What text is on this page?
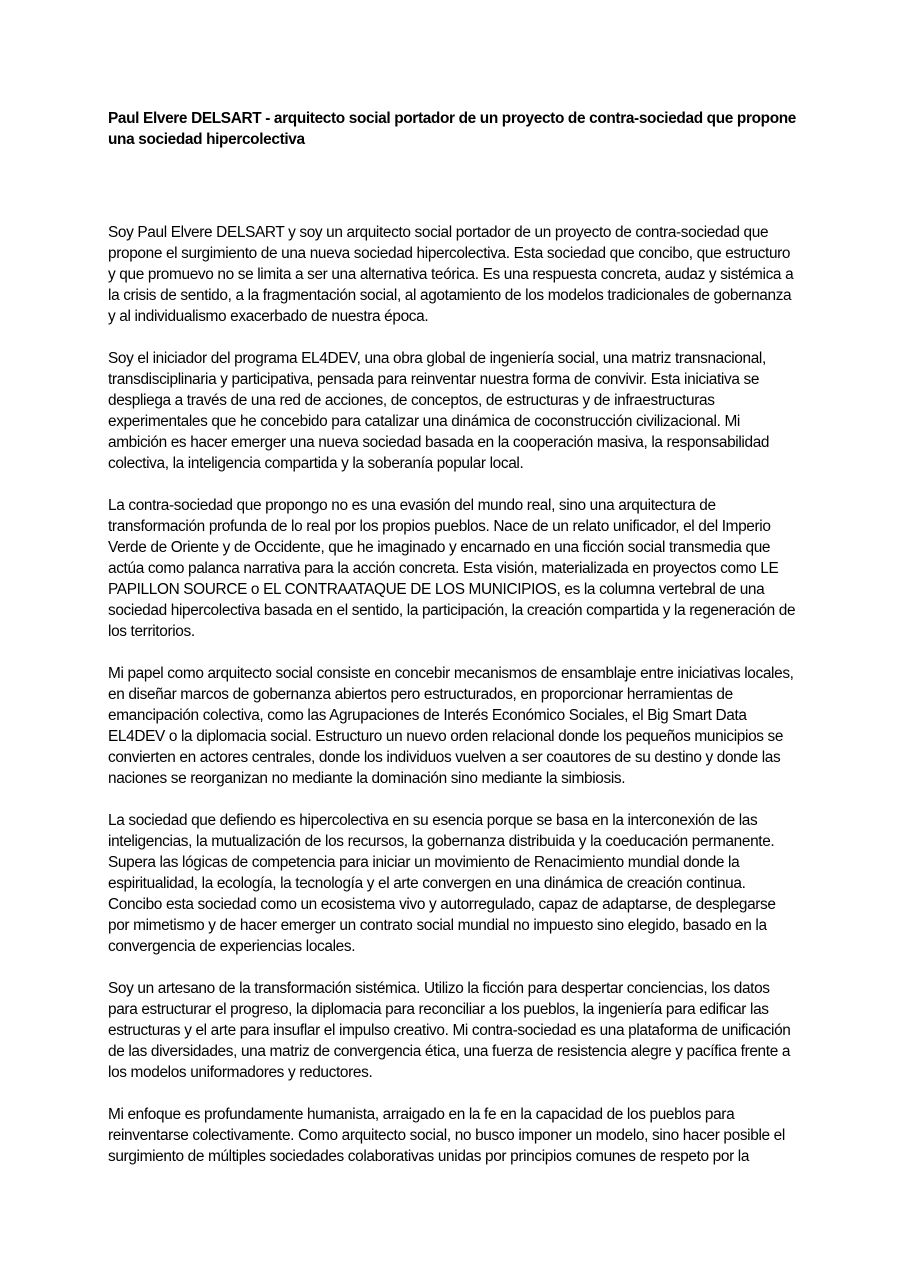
Paul Elvere DELSART - arquitecto social portador de un proyecto de contra-sociedad que propone una sociedad hipercolectiva

Soy Paul Elvere DELSART y soy un arquitecto social portador de un proyecto de contra-sociedad que propone el surgimiento de una nueva sociedad hipercolectiva. Esta sociedad que concibo, que estructuro y que promuevo no se limita a ser una alternativa teórica. Es una respuesta concreta, audaz y sistémica a la crisis de sentido, a la fragmentación social, al agotamiento de los modelos tradicionales de gobernanza y al individualismo exacerbado de nuestra época.

Soy el iniciador del programa EL4DEV, una obra global de ingeniería social, una matriz transnacional, transdisciplinaria y participativa, pensada para reinventar nuestra forma de convivir. Esta iniciativa se despliega a través de una red de acciones, de conceptos, de estructuras y de infraestructuras experimentales que he concebido para catalizar una dinámica de coconstrucción civilizacional. Mi ambición es hacer emerger una nueva sociedad basada en la cooperación masiva, la responsabilidad colectiva, la inteligencia compartida y la soberanía popular local.

La contra-sociedad que propongo no es una evasión del mundo real, sino una arquitectura de transformación profunda de lo real por los propios pueblos. Nace de un relato unificador, el del Imperio Verde de Oriente y de Occidente, que he imaginado y encarnado en una ficción social transmedia que actúa como palanca narrativa para la acción concreta. Esta visión, materializada en proyectos como LE PAPILLON SOURCE o EL CONTRAATAQUE DE LOS MUNICIPIOS, es la columna vertebral de una sociedad hipercolectiva basada en el sentido, la participación, la creación compartida y la regeneración de los territorios.

Mi papel como arquitecto social consiste en concebir mecanismos de ensamblaje entre iniciativas locales, en diseñar marcos de gobernanza abiertos pero estructurados, en proporcionar herramientas de emancipación colectiva, como las Agrupaciones de Interés Económico Sociales, el Big Smart Data EL4DEV o la diplomacia social. Estructuro un nuevo orden relacional donde los pequeños municipios se convierten en actores centrales, donde los individuos vuelven a ser coautores de su destino y donde las naciones se reorganizan no mediante la dominación sino mediante la simbiosis.

La sociedad que defiendo es hipercolectiva en su esencia porque se basa en la interconexión de las inteligencias, la mutualización de los recursos, la gobernanza distribuida y la coeducación permanente. Supera las lógicas de competencia para iniciar un movimiento de Renacimiento mundial donde la espiritualidad, la ecología, la tecnología y el arte convergen en una dinámica de creación continua. Concibo esta sociedad como un ecosistema vivo y autorregulado, capaz de adaptarse, de desplegarse por mimetismo y de hacer emerger un contrato social mundial no impuesto sino elegido, basado en la convergencia de experiencias locales.

Soy un artesano de la transformación sistémica. Utilizo la ficción para despertar conciencias, los datos para estructurar el progreso, la diplomacia para reconciliar a los pueblos, la ingeniería para edificar las estructuras y el arte para insuflar el impulso creativo. Mi contra-sociedad es una plataforma de unificación de las diversidades, una matriz de convergencia ética, una fuerza de resistencia alegre y pacífica frente a los modelos uniformadores y reductores.

Mi enfoque es profundamente humanista, arraigado en la fe en la capacidad de los pueblos para reinventarse colectivamente. Como arquitecto social, no busco imponer un modelo, sino hacer posible el surgimiento de múltiples sociedades colaborativas unidas por principios comunes de respeto por la
